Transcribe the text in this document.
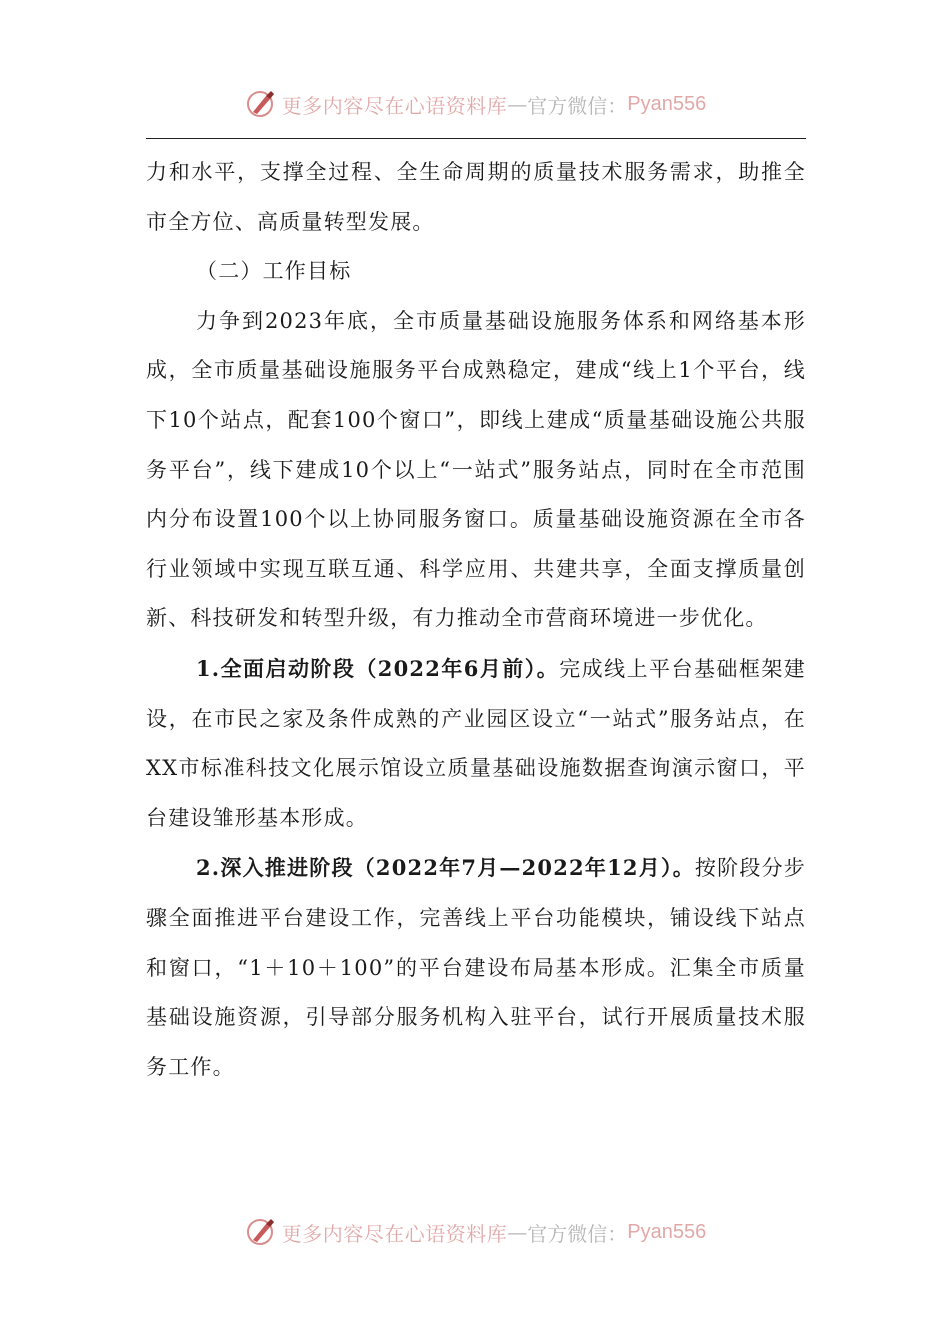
更多内容尽在心语资料库 — 官方微信： Pyan556

力和水平，支撑全过程、全生命周期的质量技术服务需求，助推全市全方位、高质量转型发展。

（二）工作目标

力争到2023年底，全市质量基础设施服务体系和网络基本形成，全市质量基础设施服务平台成熟稳定，建成“线上1个平台，线下10个站点，配套100个窗口”，即线上建成“质量基础设施公共服务平台”，线下建成10个以上“一站式”服务站点，同时在全市范围内分布设置100个以上协同服务窗口。质量基础设施资源在全市各行业领域中实现互联互通、科学应用、共建共享，全面支撑质量创新、科技研发和转型升级，有力推动全市营商环境进一步优化。

1.全面启动阶段（2022年6月前）。完成线上平台基础框架建设，在市民之家及条件成熟的产业园区设立“一站式”服务站点，在XX市标准科技文化展示馆设立质量基础设施数据查询演示窗口，平台建设雏形基本形成。

2.深入推进阶段（2022年7月—2022年12月）。按阶段分步骤全面推进平台建设工作，完善线上平台功能模块，铺设线下站点和窗口，“1＋10＋100”的平台建设布局基本形成。汇集全市质量基础设施资源，引导部分服务机构入驻平台，试行开展质量技术服务工作。

更多内容尽在心语资料库 — 官方微信： Pyan556
